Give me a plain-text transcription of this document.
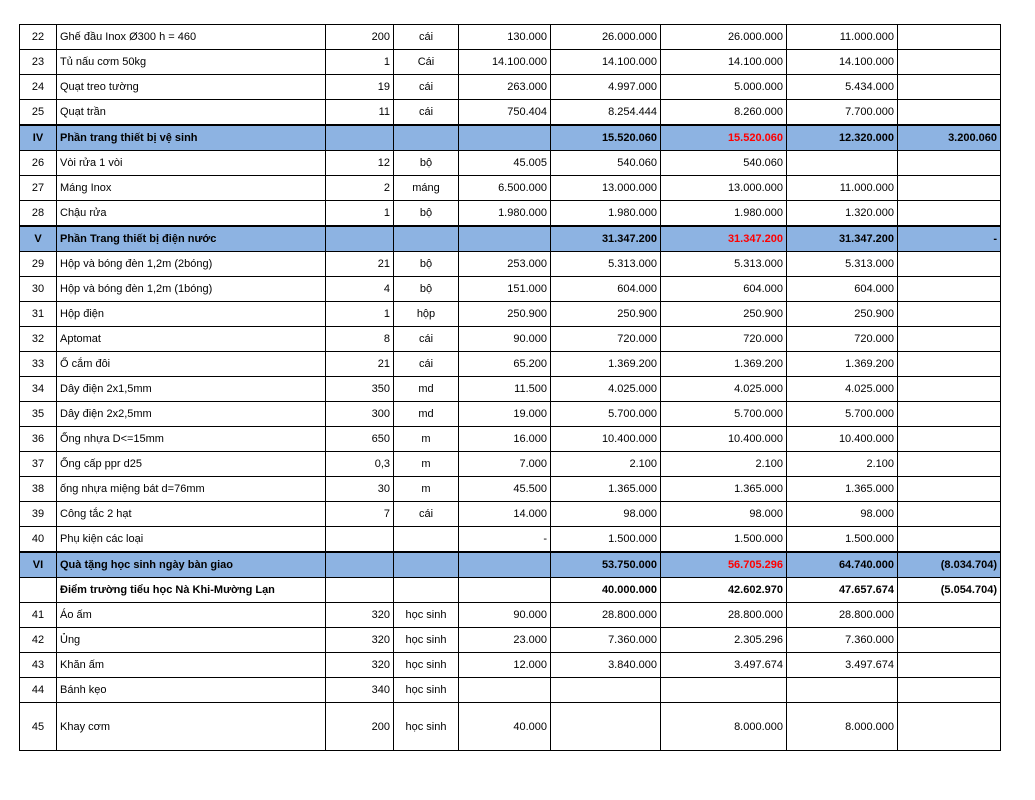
22	Ghế đầu Inox Ø300 h = 460	200	cái	130.000	26.000.000	26.000.000	11.000.000	
23	Tủ nấu cơm 50kg	1	Cái	14.100.000	14.100.000	14.100.000	14.100.000	
24	Quạt treo tường	19	cái	263.000	4.997.000	5.000.000	5.434.000	
25	Quạt trần	11	cái	750.404	8.254.444	8.260.000	7.700.000	
IV	Phần trang thiết bị vệ sinh				15.520.060	15.520.060	12.320.000	3.200.060
26	Vòi rửa 1 vòi	12	bộ	45.005	540.060	540.060		
27	Máng Inox	2	máng	6.500.000	13.000.000	13.000.000	11.000.000	
28	Chậu rửa	1	bộ	1.980.000	1.980.000	1.980.000	1.320.000	
V	Phần Trang thiết bị điện nước				31.347.200	31.347.200	31.347.200	-
29	Hộp và bóng đèn 1,2m (2bóng)	21	bộ	253.000	5.313.000	5.313.000	5.313.000	
30	Hộp và bóng đèn 1,2m (1bóng)	4	bộ	151.000	604.000	604.000	604.000	
31	Hộp điện	1	hộp	250.900	250.900	250.900	250.900	
32	Aptomat	8	cái	90.000	720.000	720.000	720.000	
33	Ổ cắm đôi	21	cái	65.200	1.369.200	1.369.200	1.369.200	
34	Dây điện 2x1,5mm	350	md	11.500	4.025.000	4.025.000	4.025.000	
35	Dây điện 2x2,5mm	300	md	19.000	5.700.000	5.700.000	5.700.000	
36	Ống nhựa D<=15mm	650	m	16.000	10.400.000	10.400.000	10.400.000	
37	Ống cấp ppr d25	0,3	m	7.000	2.100	2.100	2.100	
38	ống nhựa miệng bát d=76mm	30	m	45.500	1.365.000	1.365.000	1.365.000	
39	Công tắc 2 hạt	7	cái	14.000	98.000	98.000	98.000	
40	Phụ kiện các loại			-	1.500.000	1.500.000	1.500.000	
VI	Quà tặng học sinh ngày bàn giao				53.750.000	56.705.296	64.740.000	(8.034.704)
	Điểm trường tiểu học Nà Khi-Mường Lạn				40.000.000	42.602.970	47.657.674	(5.054.704)
41	Áo ấm	320	học sinh	90.000	28.800.000	28.800.000	28.800.000	
42	Ủng	320	học sinh	23.000	7.360.000	2.305.296	7.360.000	
43	Khăn ấm	320	học sinh	12.000	3.840.000	3.497.674	3.497.674	
44	Bánh kẹo	340	học sinh					
45	Khay cơm	200	học sinh	40.000		8.000.000	8.000.000	
